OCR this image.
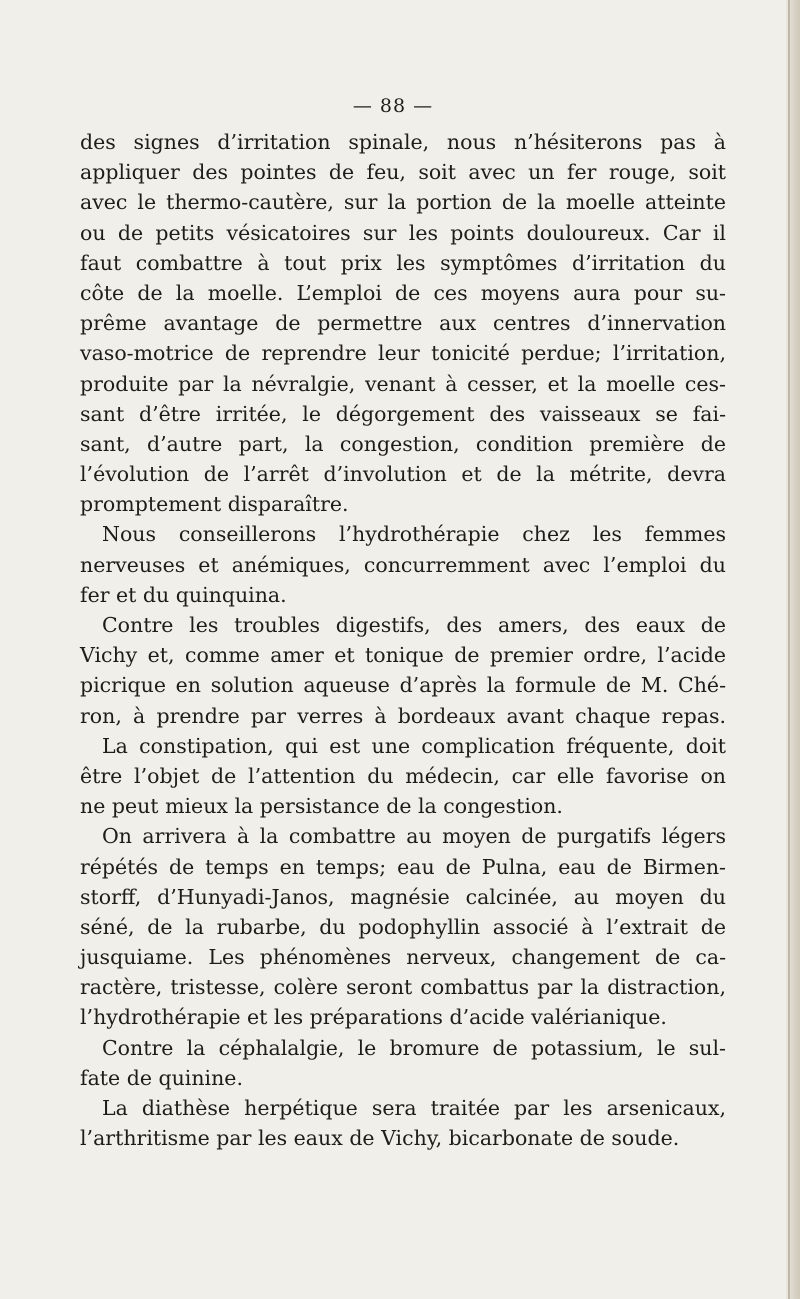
— 88 —
des signes d’irritation spinale, nous n’hésiterons pas à
appliquer des pointes de feu, soit avec un fer rouge, soit
avec le thermo-cautère, sur la portion de la moelle atteinte
ou de petits vésicatoires sur les points douloureux. Car il
faut combattre à tout prix les symptômes d’irritation du
côte de la moelle. L’emploi de ces moyens aura pour su-
prême avantage de permettre aux centres d’innervation
vaso-motrice de reprendre leur tonicité perdue; l’irritation,
produite par la névralgie, venant à cesser, et la moelle ces-
sant d’être irritée, le dégorgement des vaisseaux se fai-
sant, d’autre part, la congestion, condition première de
l’évolution de l’arrêt d’involution et de la métrite, devra
promptement disparaître.
Nous conseillerons l’hydrothérapie chez les femmes
nerveuses et anémiques, concurremment avec l’emploi du
fer et du quinquina.
Contre les troubles digestifs, des amers, des eaux de
Vichy et, comme amer et tonique de premier ordre, l’acide
picrique en solution aqueuse d’après la formule de M. Ché-
ron, à prendre par verres à bordeaux avant chaque repas.
La constipation, qui est une complication fréquente, doit
être l’objet de l’attention du médecin, car elle favorise on
ne peut mieux la persistance de la congestion.
On arrivera à la combattre au moyen de purgatifs légers
répétés de temps en temps; eau de Pulna, eau de Birmen-
storff, d’Hunyadi-Janos, magnésie calcinée, au moyen du
séné, de la rubarbe, du podophyllin associé à l’extrait de
jusquiame. Les phénomènes nerveux, changement de ca-
ractère, tristesse, colère seront combattus par la distraction,
l’hydrothérapie et les préparations d’acide valérianique.
Contre la céphalalgie, le bromure de potassium, le sul-
fate de quinine.
La diathèse herpétique sera traitée par les arsenicaux,
l’arthritisme par les eaux de Vichy, bicarbonate de soude.
